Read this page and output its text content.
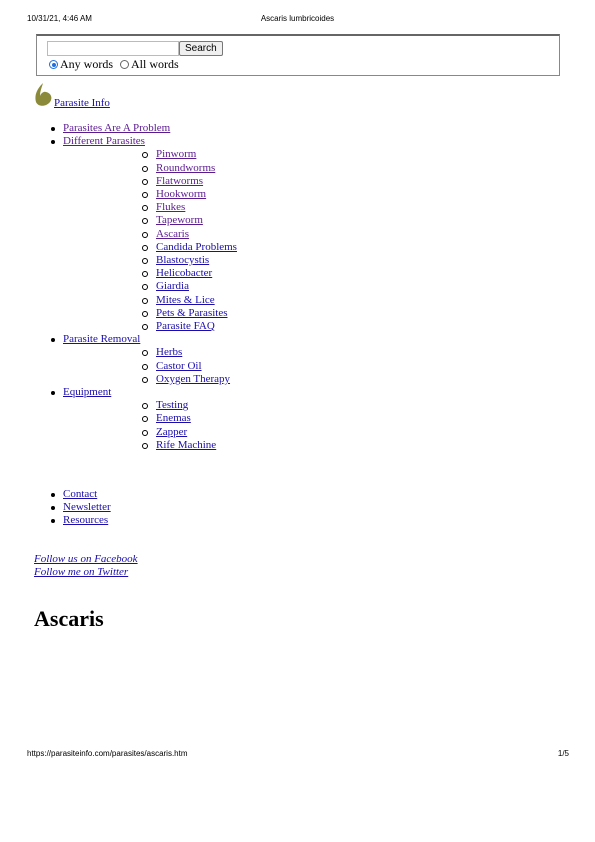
10/31/21, 4:46 AM	Ascaris lumbricoides
Search
Any words All words
Parasite Info
Parasites Are A Problem
Different Parasites
Pinworm
Roundworms
Flatworms
Hookworm
Flukes
Tapeworm
Ascaris
Candida Problems
Blastocystis
Helicobacter
Giardia
Mites & Lice
Pets & Parasites
Parasite FAQ
Parasite Removal
Herbs
Castor Oil
Oxygen Therapy
Equipment
Testing
Enemas
Zapper
Rife Machine
Contact
Newsletter
Resources
Follow us on Facebook
Follow me on Twitter
Ascaris
https://parasiteinfo.com/parasites/ascaris.htm	1/5
